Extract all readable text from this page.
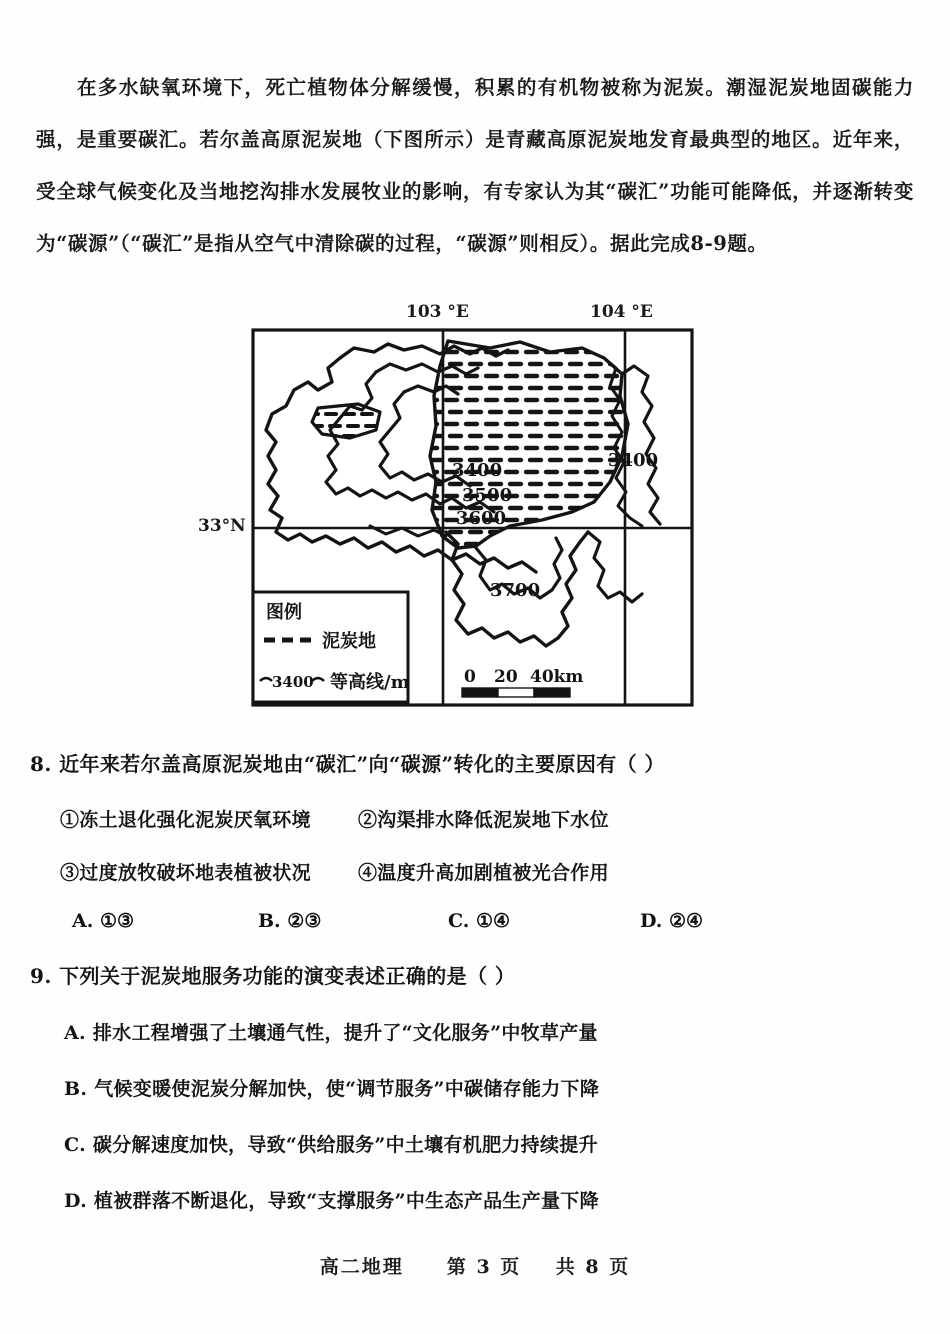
在多水缺氧环境下，死亡植物体分解缓慢，积累的有机物被称为泥炭。潮湿泥炭地固碳能力强，是重要碳汇。若尔盖高原泥炭地（下图所示）是青藏高原泥炭地发育最典型的地区。近年来，受全球气候变化及当地挖沟排水发展牧业的影响，有专家认为其“碳汇”功能可能降低，并逐渐转变为“碳源”（“碳汇”是指从空气中清除碳的过程，“碳源”则相反）。据此完成8-9题。

103 °E	104 °E
33°N
3400
3500
3600
3400
3700
图例
泥炭地
3400 等高线/m	0 20 40km
8. 近年来若尔盖高原泥炭地由“碳汇”向“碳源”转化的主要原因有（ ）
①冻土退化强化泥炭厌氧环境 ②沟渠排水降低泥炭地下水位
③过度放牧破坏地表植被状况 ④温度升高加剧植被光合作用
A. ①③	B. ②③	C. ①④	D. ②④
9. 下列关于泥炭地服务功能的演变表述正确的是（ ）
A. 排水工程增强了土壤通气性，提升了“文化服务”中牧草产量
B. 气候变暖使泥炭分解加快，使“调节服务”中碳储存能力下降
C. 碳分解速度加快，导致“供给服务”中土壤有机肥力持续提升
D. 植被群落不断退化，导致“支撑服务”中生态产品生产量下降
高二地理 第 3 页 共 8 页
